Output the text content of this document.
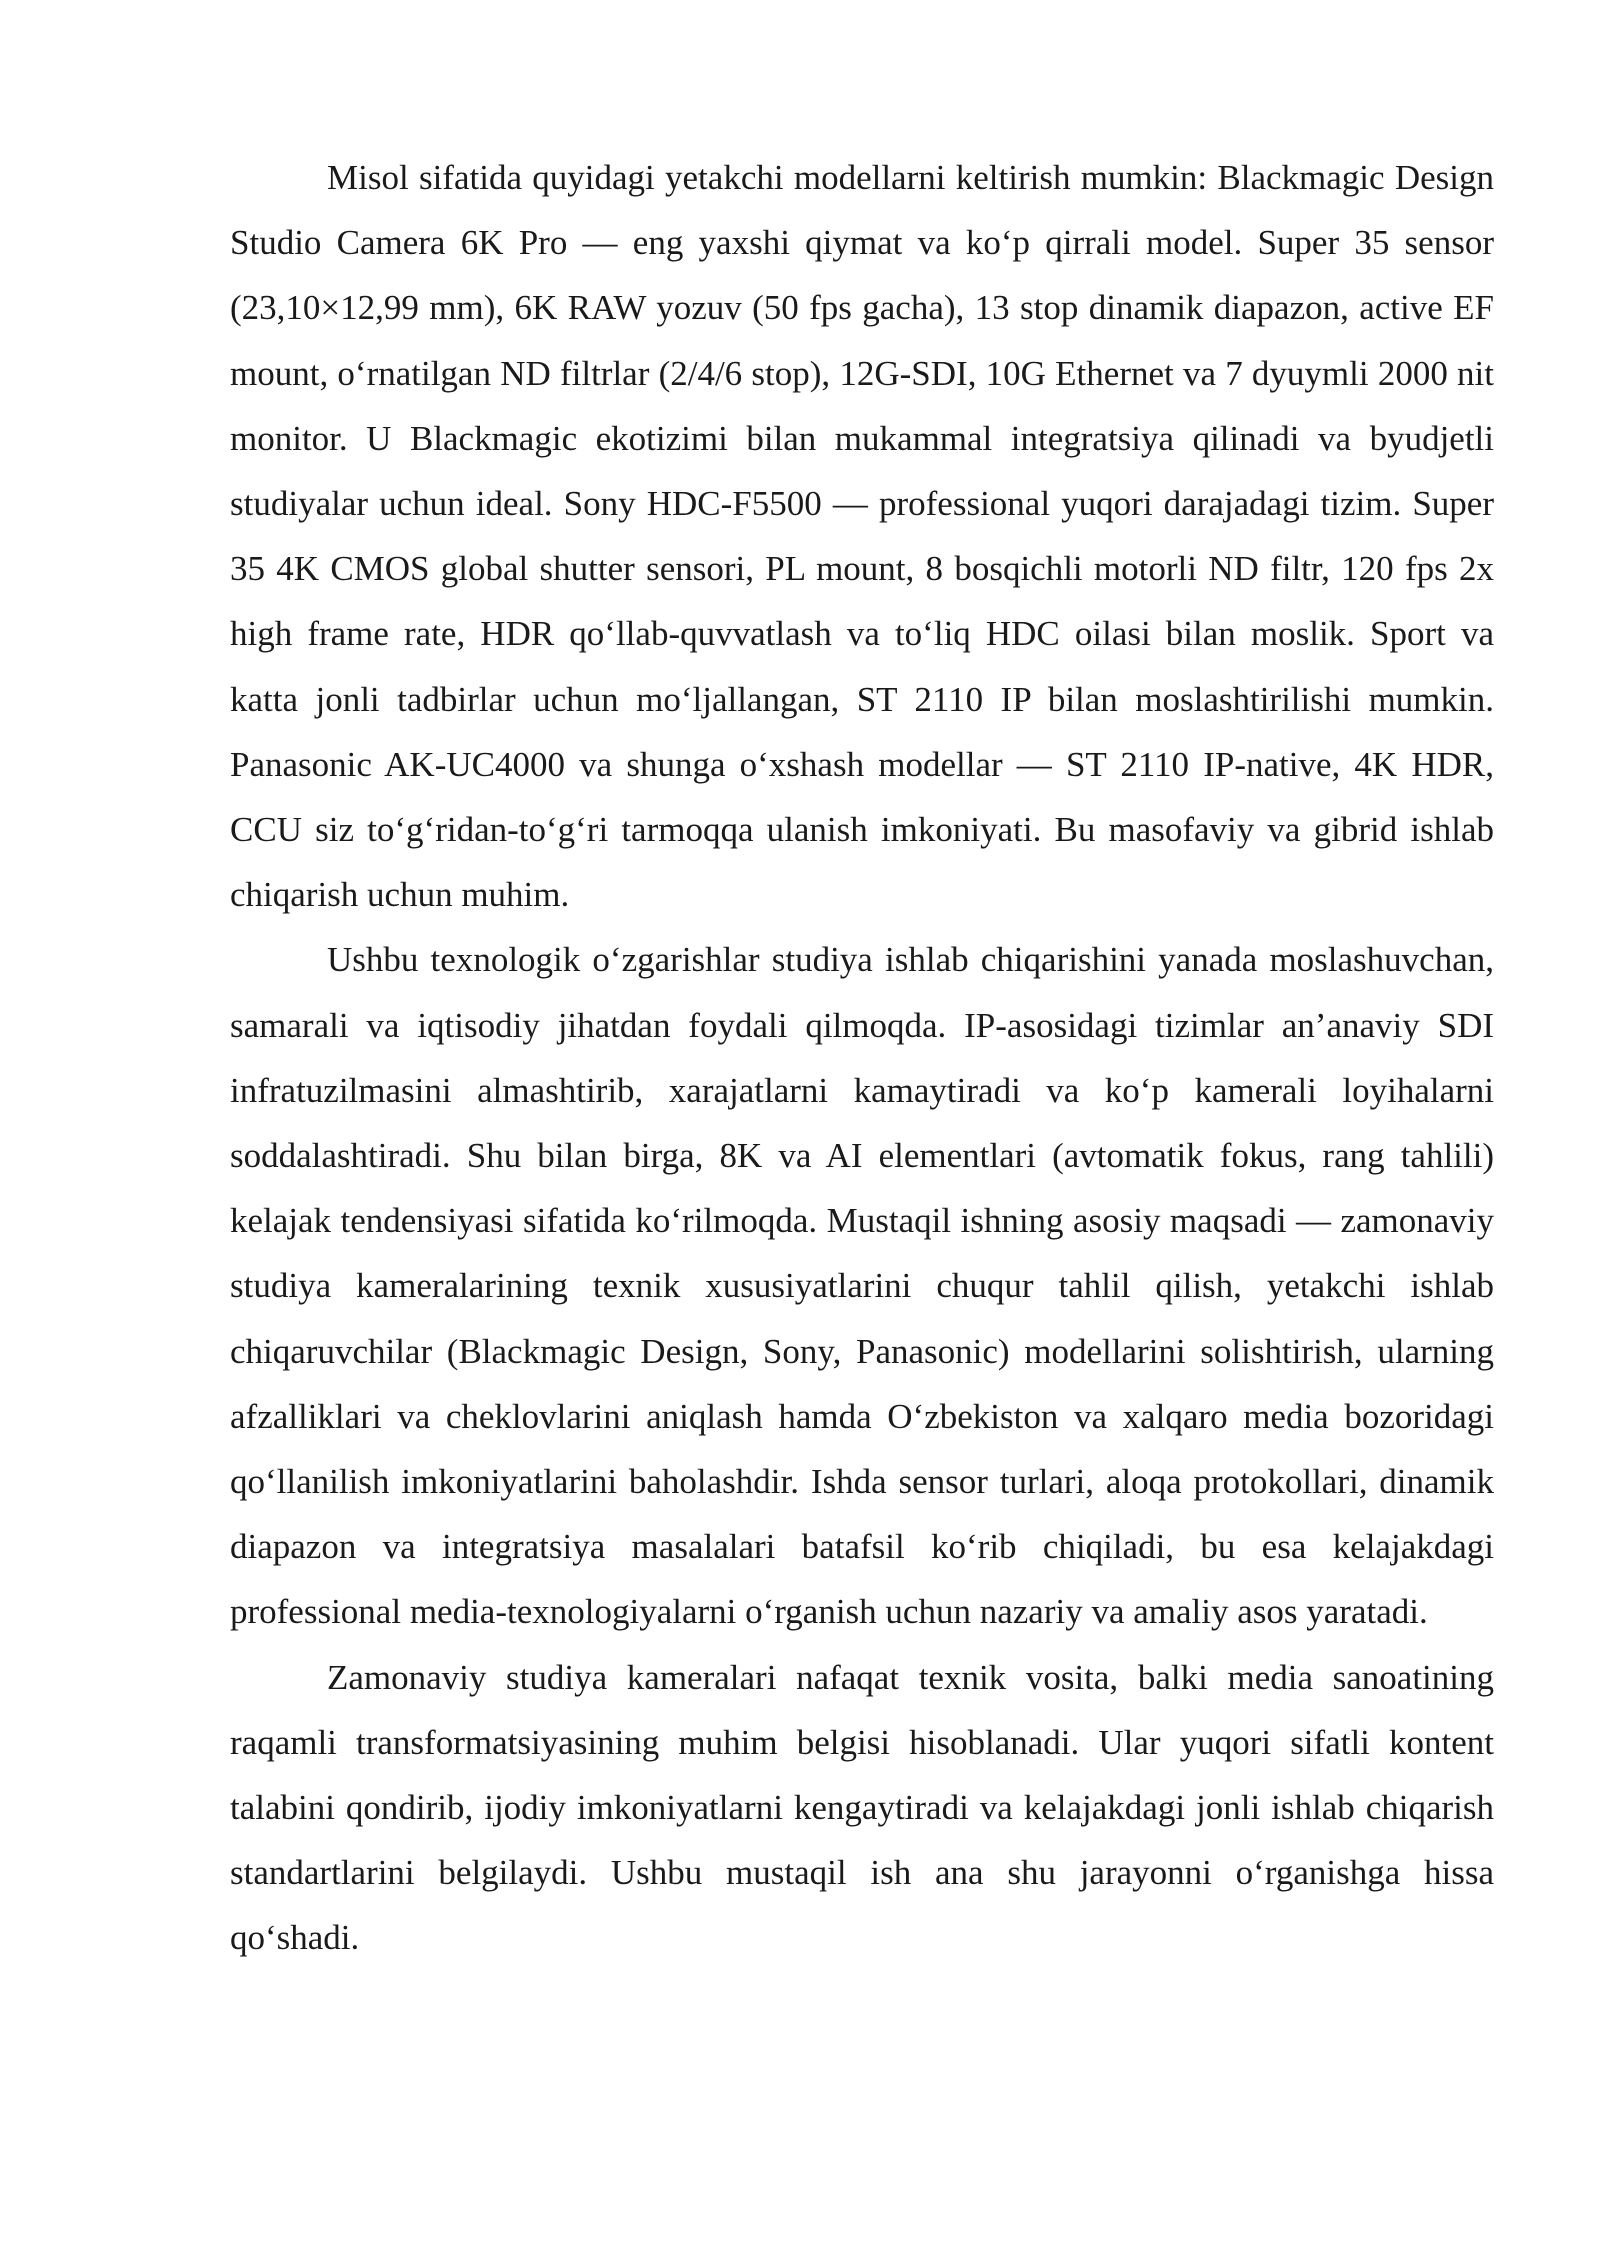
Misol sifatida quyidagi yetakchi modellarni keltirish mumkin: Blackmagic Design Studio Camera 6K Pro — eng yaxshi qiymat va ko‘p qirrali model. Super 35 sensor (23,10×12,99 mm), 6K RAW yozuv (50 fps gacha), 13 stop dinamik diapazon, active EF mount, o‘rnatilgan ND filtrlar (2/4/6 stop), 12G-SDI, 10G Ethernet va 7 dyuymli 2000 nit monitor. U Blackmagic ekotizimi bilan mukammal integratsiya qilinadi va byudjetli studiyalar uchun ideal. Sony HDC-F5500 — professional yuqori darajadagi tizim. Super 35 4K CMOS global shutter sensori, PL mount, 8 bosqichli motorli ND filtr, 120 fps 2x high frame rate, HDR qo‘llab-quvvatlash va to‘liq HDC oilasi bilan moslik. Sport va katta jonli tadbirlar uchun mo‘ljallangan, ST 2110 IP bilan moslashtirilishi mumkin. Panasonic AK-UC4000 va shunga o‘xshash modellar — ST 2110 IP-native, 4K HDR, CCU siz to‘g‘ridan-to‘g‘ri tarmoqqa ulanish imkoniyati. Bu masofaviy va gibrid ishlab chiqarish uchun muhim.

Ushbu texnologik o‘zgarishlar studiya ishlab chiqarishini yanada moslashuvchan, samarali va iqtisodiy jihatdan foydali qilmoqda. IP-asosidagi tizimlar an’anaviy SDI infratuzilmasini almashtirib, xarajatlarni kamaytiradi va ko‘p kamerali loyihalarni soddalashtiradi. Shu bilan birga, 8K va AI elementlari (avtomatik fokus, rang tahlili) kelajak tendensiyasi sifatida ko‘rilmoqda. Mustaqil ishning asosiy maqsadi — zamonaviy studiya kameralarining texnik xususiyatlarini chuqur tahlil qilish, yetakchi ishlab chiqaruvchilar (Blackmagic Design, Sony, Panasonic) modellarini solishtirish, ularning afzalliklari va cheklovlarini aniqlash hamda O‘zbekiston va xalqaro media bozoridagi qo‘llanilish imkoniyatlarini baholashdir. Ishda sensor turlari, aloqa protokollari, dinamik diapazon va integratsiya masalalari batafsil ko‘rib chiqiladi, bu esa kelajakdagi professional media-texnologiyalarni o‘rganish uchun nazariy va amaliy asos yaratadi.

Zamonaviy studiya kameralari nafaqat texnik vosita, balki media sanoatining raqamli transformatsiyasining muhim belgisi hisoblanadi. Ular yuqori sifatli kontent talabini qondirib, ijodiy imkoniyatlarni kengaytiradi va kelajakdagi jonli ishlab chiqarish standartlarini belgilaydi. Ushbu mustaqil ish ana shu jarayonni o‘rganishga hissa qo‘shadi.
